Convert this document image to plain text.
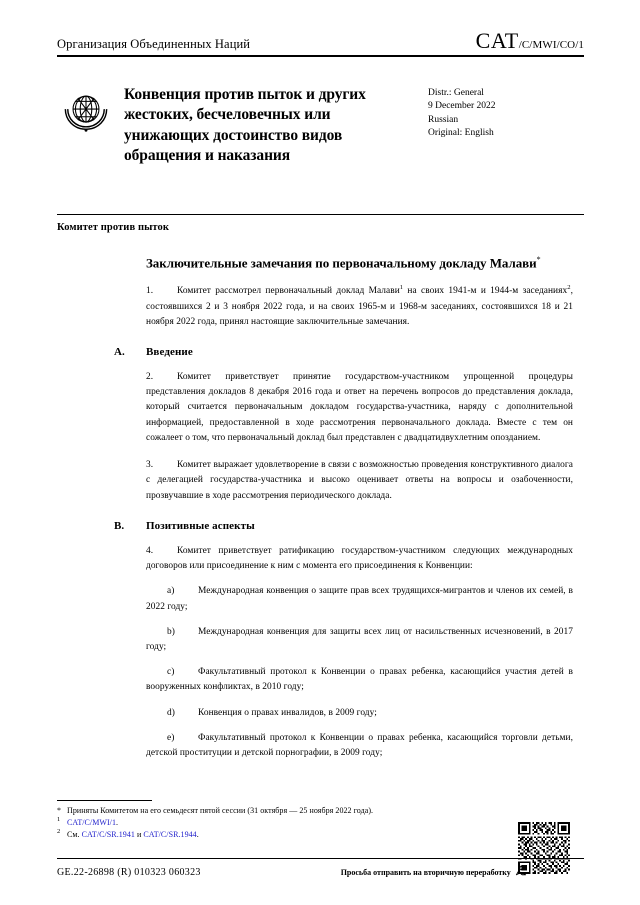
Организация Объединенных Наций	CAT /C/MWI/CO/1
Конвенция против пыток и других жестоких, бесчеловечных или унижающих достоинство видов обращения и наказания
Distr.: General
9 December 2022
Russian
Original: English
Комитет против пыток
Заключительные замечания по первоначальному докладу Малави*

1.	Комитет рассмотрел первоначальный доклад Малави$^1$ на своих 1941-м и 1944-м заседаниях$^2$, состоявшихся 2 и 3 ноября 2022 года, и на своих 1965-м и 1968-м заседаниях, состоявшихся 18 и 21 ноября 2022 года, принял настоящие заключительные замечания.

A.	Введение

2.	Комитет приветствует принятие государством-участником упрощенной процедуры представления докладов 8 декабря 2016 года и ответ на перечень вопросов до представления доклада, который считается первоначальным докладом государства-участника, наряду с дополнительной информацией, предоставленной в ходе рассмотрения первоначального доклада. Вместе с тем он сожалеет о том, что первоначальный доклад был представлен с двадцатидвухлетним опозданием.

3.	Комитет выражает удовлетворение в связи с возможностью проведения конструктивного диалога с делегацией государства-участника и высоко оценивает ответы на вопросы и озабоченности, прозвучавшие в ходе рассмотрения периодического доклада.

B.	Позитивные аспекты

4.	Комитет приветствует ратификацию государством-участником следующих международных договоров или присоединение к ним с момента его присоединения к Конвенции:

a)	Международная конвенция о защите прав всех трудящихся-мигрантов и членов их семей, в 2022 году;

b) Международная конвенция для защиты всех лиц от насильственных исчезновений, в 2017 году;

c)	Факультативный протокол к Конвенции о правах ребенка, касающийся участия детей в вооруженных конфликтах, в 2010 году;

d) Конвенция о правах инвалидов, в 2009 году;

e)	Факультативный протокол к Конвенции о правах ребенка, касающийся торговли детьми, детской проституции и детской порнографии, в 2009 году;

* Приняты Комитетом на его семьдесят пятой сессии (31 октября — 25 ноября 2022 года).
1 CAT/C/MWI/1.
2 См. CAT/C/SR.1941 и CAT/C/SR.1944.
GE.22-26898 (R) 010323 060323	Просьба отправить на вторичную переработку
